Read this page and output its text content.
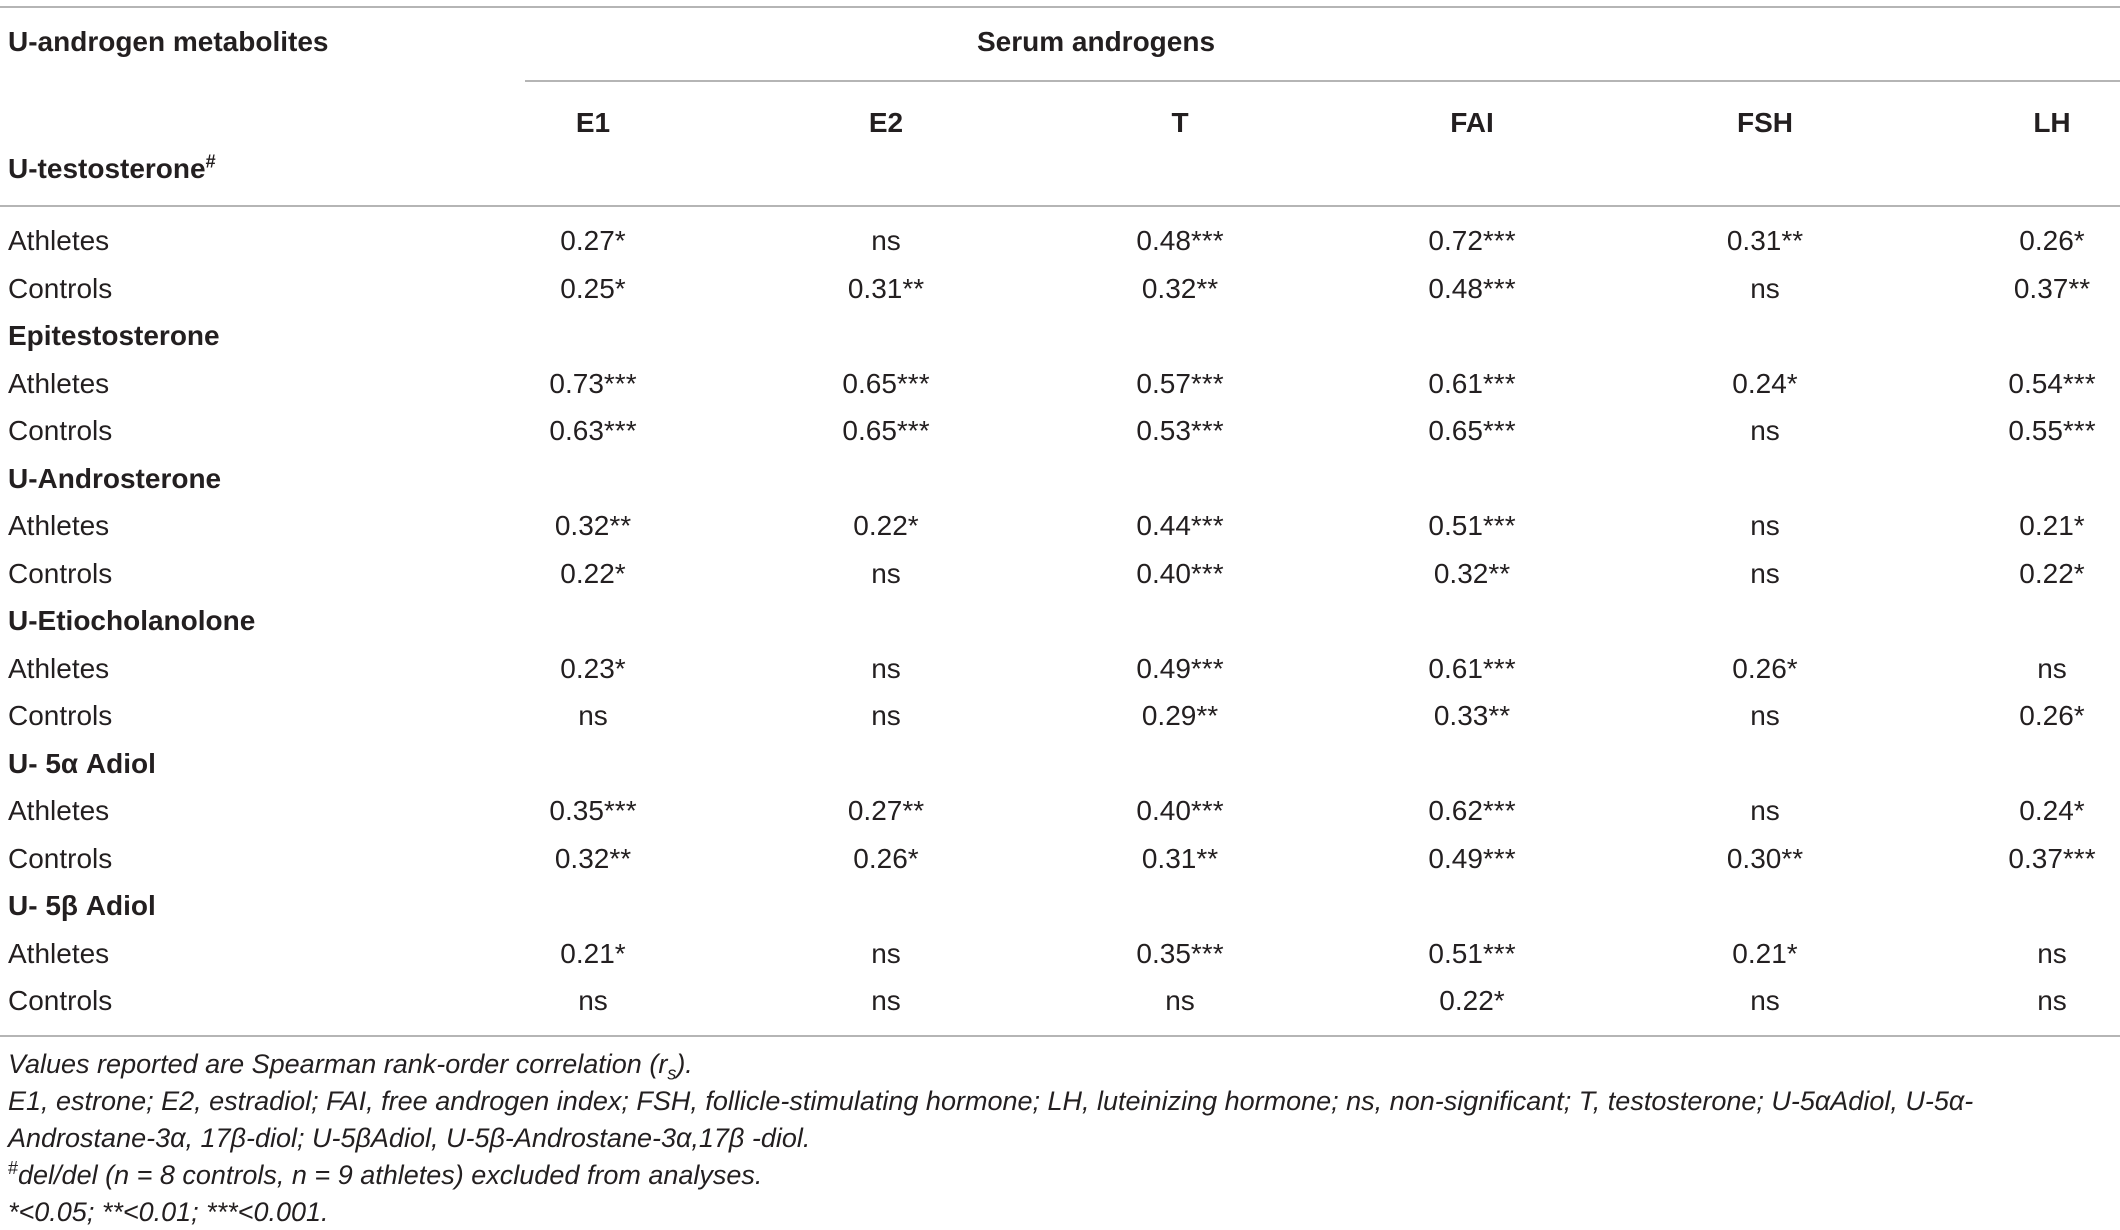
U-androgen metabolites	Serum androgens
E1	E2	T	FAI	FSH	LH
U-testosterone#
Athletes	0.27*	ns	0.48***	0.72***	0.31**	0.26*
Controls	0.25*	0.31**	0.32**	0.48***	ns	0.37**
Epitestosterone
Athletes	0.73***	0.65***	0.57***	0.61***	0.24*	0.54***
Controls	0.63***	0.65***	0.53***	0.65***	ns	0.55***
U-Androsterone
Athletes	0.32**	0.22*	0.44***	0.51***	ns	0.21*
Controls	0.22*	ns	0.40***	0.32**	ns	0.22*
U-Etiocholanolone
Athletes	0.23*	ns	0.49***	0.61***	0.26*	ns
Controls	ns	ns	0.29**	0.33**	ns	0.26*
U- 5α Adiol
Athletes	0.35***	0.27**	0.40***	0.62***	ns	0.24*
Controls	0.32**	0.26*	0.31**	0.49***	0.30**	0.37***
U- 5β Adiol
Athletes	0.21*	ns	0.35***	0.51***	0.21*	ns
Controls	ns	ns	ns	0.22*	ns	ns
Values reported are Spearman rank-order correlation $(r_s)$.
E1, estrone; E2, estradiol; FAI, free androgen index; FSH, follicle-stimulating hormone; LH, luteinizing hormone; ns, non-significant; T, testosterone; U-5αAdiol, U-5α-
Androstane-3α, 17β-diol; U-5βAdiol, U-5β-Androstane-3α,17β -diol.
#del/del (n = 8 controls, n = 9 athletes) excluded from analyses.
*<0.05; **<0.01; ***<0.001.
